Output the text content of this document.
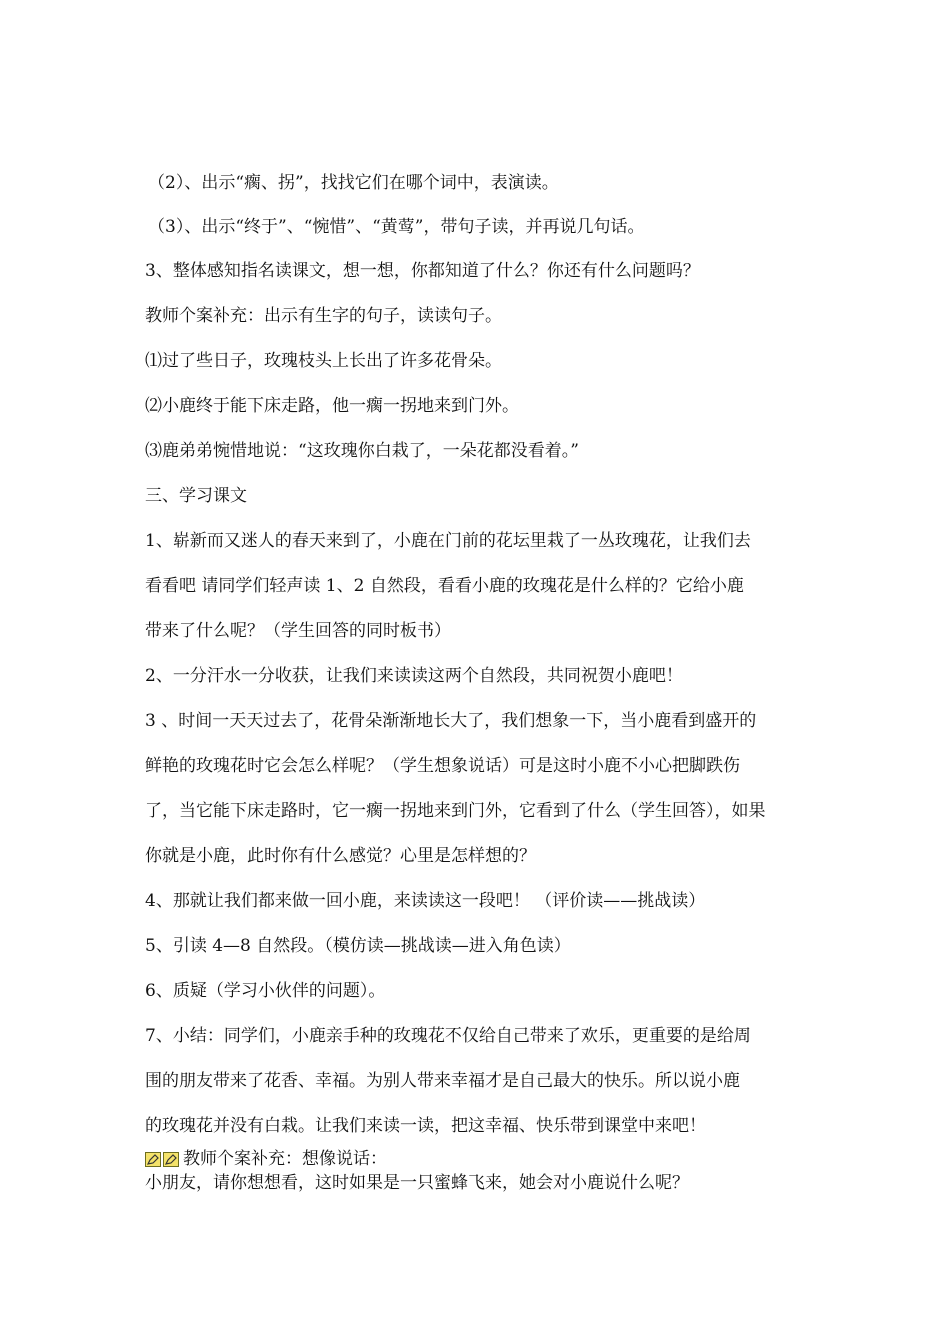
（2）、出示“瘸、拐”，找找它们在哪个词中，表演读。
（3）、出示“终于”、“惋惜”、“黄莺”，带句子读，并再说几句话。
3、整体感知指名读课文，想一想，你都知道了什么？你还有什么问题吗？
教师个案补充：出示有生字的句子，读读句子。
⑴过了些日子，玫瑰枝头上长出了许多花骨朵。
⑵小鹿终于能下床走路，他一瘸一拐地来到门外。
⑶鹿弟弟惋惜地说：“这玫瑰你白栽了，一朵花都没看着。”
三、学习课文
1、崭新而又迷人的春天来到了，小鹿在门前的花坛里栽了一丛玫瑰花，让我们去
看看吧 请同学们轻声读 1、2 自然段，看看小鹿的玫瑰花是什么样的？它给小鹿
带来了什么呢？（学生回答的同时板书）
2、一分汗水一分收获，让我们来读读这两个自然段，共同祝贺小鹿吧！
3 、时间一天天过去了，花骨朵渐渐地长大了，我们想象一下，当小鹿看到盛开的
鲜艳的玫瑰花时它会怎么样呢？（学生想象说话）可是这时小鹿不小心把脚跌伤
了，当它能下床走路时，它一瘸一拐地来到门外，它看到了什么（学生回答），如果
你就是小鹿，此时你有什么感觉？心里是怎样想的？
4、那就让我们都来做一回小鹿，来读读这一段吧！ （评价读——挑战读）
5、引读 4—8 自然段。（模仿读—挑战读—进入角色读）
6、质疑（学习小伙伴的问题）。
7、小结：同学们，小鹿亲手种的玫瑰花不仅给自己带来了欢乐，更重要的是给周
围的朋友带来了花香、幸福。为别人带来幸福才是自己最大的快乐。所以说小鹿
的玫瑰花并没有白栽。让我们来读一读，把这幸福、快乐带到课堂中来吧！
教师个案补充：想像说话：
小朋友，请你想想看，这时如果是一只蜜蜂飞来，她会对小鹿说什么呢？
